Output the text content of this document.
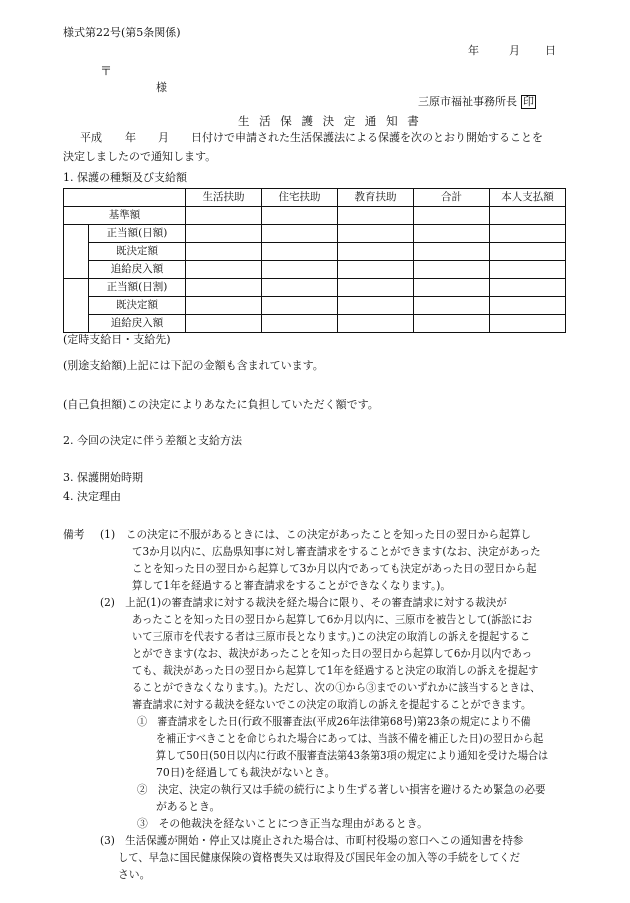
様式第22号(第5条関係)
年	月 日
〒
様
三原市福祉事務所長 印
生 活 保 護 決 定 通 知 書
平成 年 月 日付けで申請された生活保護法による保護を次のとおり開始することを
決定しましたので通知します。
1. 保護の種類及び支給額
		生活扶助	住宅扶助	教育扶助	合計	本人支払額
基準額						
	正当額(日額)					
	既決定額					
	追給戻入額					
	正当額(日割)					
	既決定額					
	追給戻入額					
(定時支給日・支給先)
(別途支給額)上記には下記の金額も含まれています。
(自己負担額)この決定によりあなたに負担していただく額です。
2. 今回の決定に伴う差額と支給方法
3. 保護開始時期
4. 決定理由
備考 (1)　この決定に不服があるときには、この決定があったことを知った日の翌日から起算し
て3か月以内に、広島県知事に対し審査請求をすることができます(なお、決定があった
ことを知った日の翌日から起算して3か月以内であっても決定があった日の翌日から起
算して1年を経過すると審査請求をすることができなくなります。)。
(2)　上記(1)の審査請求に対する裁決を経た場合に限り、その審査請求に対する裁決が
あったことを知った日の翌日から起算して6か月以内に、三原市を被告として(訴訟にお
いて三原市を代表する者は三原市長となります。)この決定の取消しの訴えを提起するこ
とができます(なお、裁決があったことを知った日の翌日から起算して6か月以内であっ
ても、裁決があった日の翌日から起算して1年を経過すると決定の取消しの訴えを提起す
ることができなくなります。)。ただし、次の①から③までのいずれかに該当するときは、
審査請求に対する裁決を経ないでこの決定の取消しの訴えを提起することができます。
①　審査請求をした日(行政不服審査法(平成26年法律第68号)第23条の規定により不備
を補正すべきことを命じられた場合にあっては、当該不備を補正した日)の翌日から起
算して50日(50日以内に行政不服審査法第43条第3項の規定により通知を受けた場合は
70日)を経過しても裁決がないとき。
②　決定、決定の執行又は手続の続行により生ずる著しい損害を避けるため緊急の必要
があるとき。
③　その他裁決を経ないことにつき正当な理由があるとき。
(3)　生活保護が開始・停止又は廃止された場合は、市町村役場の窓口へこの通知書を持参
して、早急に国民健康保険の資格喪失又は取得及び国民年金の加入等の手続をしてくだ
さい。
